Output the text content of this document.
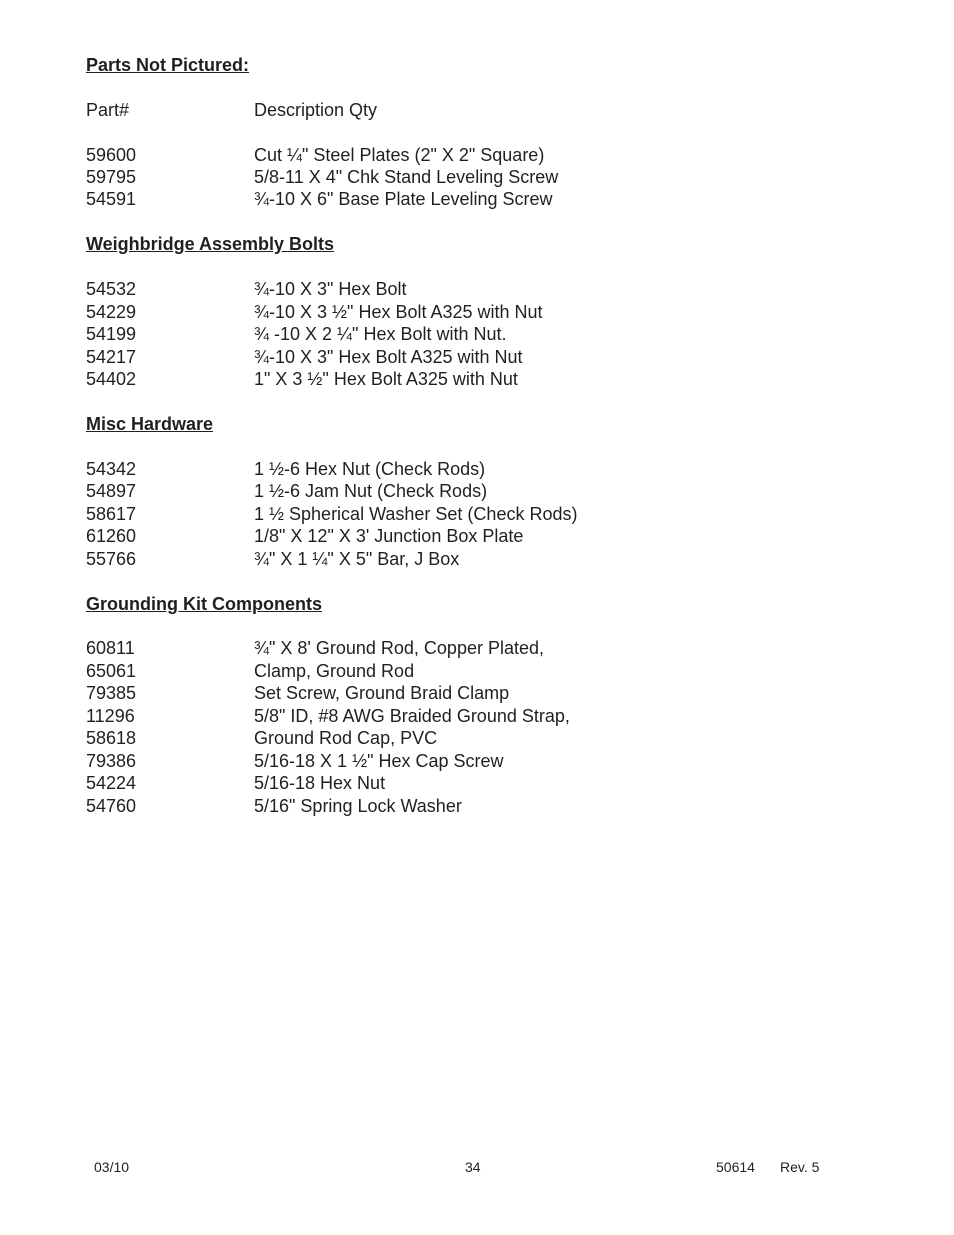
Parts Not Pictured:
Part#	Description Qty
59600	Cut ¼" Steel Plates (2" X 2" Square)
59795	5/8-11 X 4" Chk Stand Leveling Screw
54591	¾-10 X 6" Base Plate Leveling Screw
Weighbridge Assembly Bolts
54532	¾-10 X 3" Hex Bolt
54229	¾-10 X 3 ½" Hex Bolt A325 with Nut
54199	¾ -10 X 2 ¼" Hex Bolt with Nut.
54217	¾-10 X 3" Hex Bolt A325 with Nut
54402	1" X 3 ½" Hex Bolt A325 with Nut
Misc Hardware
54342	1 ½-6 Hex Nut (Check Rods)
54897	1 ½-6 Jam Nut (Check Rods)
58617	1 ½ Spherical Washer Set (Check Rods)
61260	1/8" X 12" X 3' Junction Box Plate
55766	¾" X 1 ¼" X 5" Bar, J Box
Grounding Kit Components
60811	¾" X 8' Ground Rod, Copper Plated,
65061	Clamp, Ground Rod
79385	Set Screw, Ground Braid Clamp
11296	5/8" ID, #8 AWG Braided Ground Strap,
58618	Ground Rod Cap, PVC
79386	5/16-18 X 1 ½" Hex Cap Screw
54224	5/16-18 Hex Nut
54760	5/16" Spring Lock Washer
03/10	34	50614 Rev. 5
